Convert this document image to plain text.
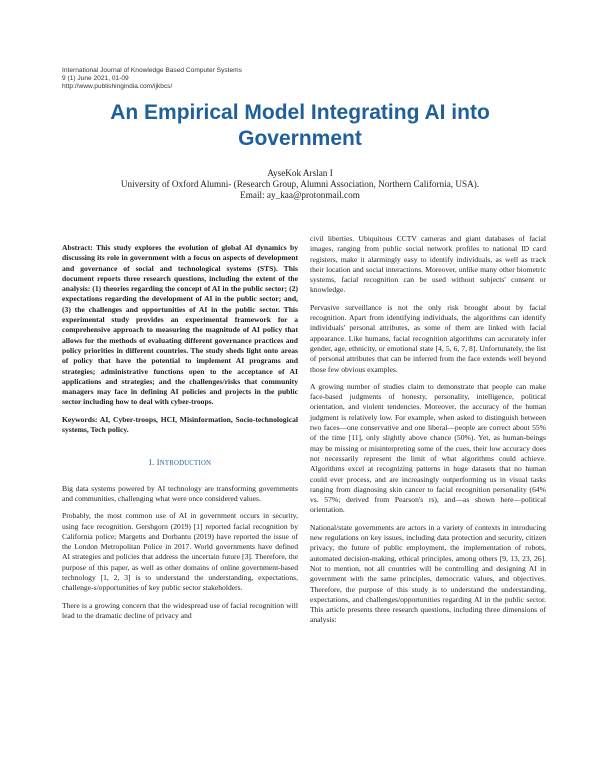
International Journal of Knowledge Based Computer Systems
9 (1) June 2021, 01-09
http://www.publishingindia.com/ijkbcs/
An Empirical Model Integrating AI into
Government
AyseKok Arslan I
University of Oxford Alumni- (Research Group, Alumni Association, Northern California, USA).
Email: ay_kaa@protonmail.com

Abstract: This study explores the evolution of global AI dynamics by discussing its role in government with a focus on aspects of development and governance of social and technological systems (STS). This document reports three research questions, including the extent of the analysis: (1) theories regarding the concept of AI in the public sector; (2) expectations regarding the development of AI in the public sector; and, (3) the challenges and opportunities of AI in the public sector. This experimental study provides an experimental framework for a comprehensive approach to measuring the magnitude of AI policy that allows for the methods of evaluating different governance practices and policy priorities in different countries. The study sheds light onto areas of policy that have the potential to implement AI programs and strategies; administrative functions open to the acceptance of AI applications and strategies; and the challenges/risks that community managers may face in defining AI policies and projects in the public sector including how to deal with cyber-troops.

Keywords: AI, Cyber-troops, HCI, Misinformation, Socio-technological systems, Tech policy.

I. INTRODUCTION

Big data systems powered by AI technology are transforming governments and communities, challenging what were once considered values.

Probably, the most common use of AI in government occurs in security, using face recognition. Gershgorn (2019) [1] reported facial recognition by California police; Margetts and Dorbantu (2019) have reported the issue of the London Metropolitan Police in 2017. World governments have defined AI strategies and policies that address the uncertain future [3]. Therefore, the purpose of this paper, as well as other domains of online government-based technology [1, 2, 3] is to understand the understanding, expectations, challenge-s/opportunities of key public sector stakeholders.

There is a growing concern that the widespread use of facial recognition will lead to the dramatic decline of privacy and

civil liberties. Ubiquitous CCTV cameras and giant databases of facial images, ranging from public social network profiles to national ID card registers, make it alarmingly easy to identify individuals, as well as track their location and social interactions. Moreover, unlike many other biometric systems, facial recognition can be used without subjects' consent or knowledge.

Pervasive surveillance is not the only risk brought about by facial recognition. Apart from identifying individuals, the algorithms can identify individuals' personal attributes, as some of them are linked with facial appearance. Like humans, facial recognition algorithms can accurately infer gender, age, ethnicity, or emotional state [4, 5, 6, 7, 8]. Unfortunately, the list of personal attributes that can be inferred from the face extends well beyond those few obvious examples.

A growing number of studies claim to demonstrate that people can make face-based judgments of honesty, personality, intelligence, political orientation, and violent tendencies. Moreover, the accuracy of the human judgment is relatively low. For example, when asked to distinguish between two faces—one conservative and one liberal—people are correct about 55% of the time [11], only slightly above chance (50%). Yet, as human-beings may be missing or misinterpreting some of the cues, their low accuracy does not necessarily represent the limit of what algorithms could achieve. Algorithms excel at recognizing patterns in huge datasets that no human could ever process, and are increasingly outperforming us in visual tasks ranging from diagnosing skin cancer to facial recognition personality (64% vs. 57%; derived from Pearson's rs), and—as shown here—political orientation.

National/state governments are actors in a variety of contexts in introducing new regulations on key issues, including data protection and security, citizen privacy, the future of public employment, the implementation of robots, automated decision-making, ethical principles, among others [9, 13, 23, 26]. Not to mention, not all countries will be controlling and designing AI in government with the same principles, democratic values, and objectives. Therefore, the purpose of this study is to understand the understanding, expectations, and challenges/opportunities regarding AI in the public sector. This article presents three research questions, including three dimensions of analysis:
